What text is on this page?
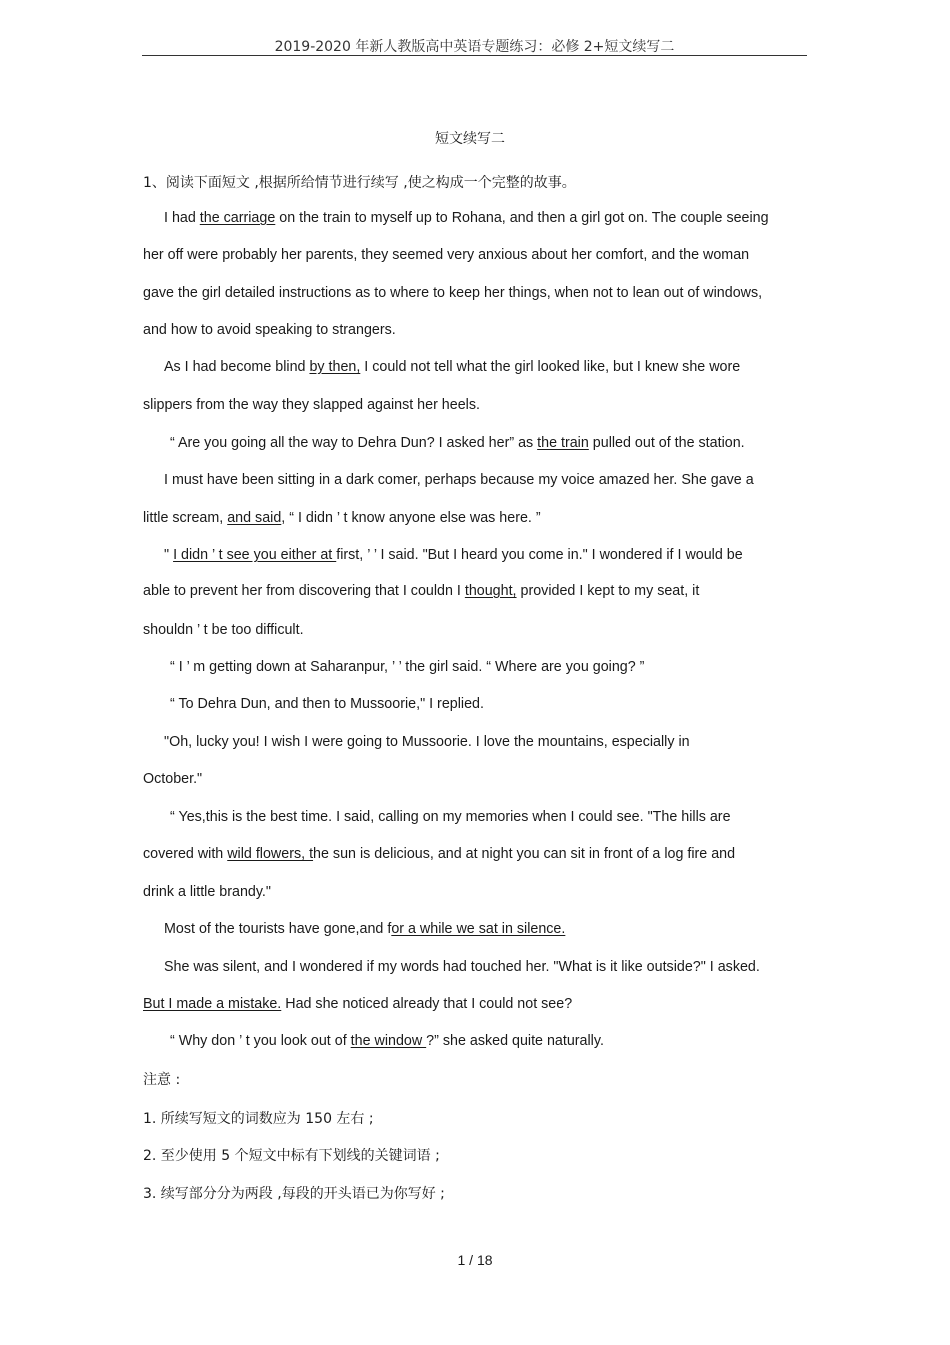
2019-2020 年新人教版高中英语专题练习：必修 2+短文续写二
短文续写二
1、阅读下面短文 ,根据所给情节进行续写 ,使之构成一个完整的故事。
I had the carriage on the train to myself up to Rohana, and then a girl got on. The couple seeing
her off were probably her parents, they seemed very anxious about her comfort, and the woman
gave the girl detailed instructions as to where to keep her things, when not to lean out of windows,
and how to avoid speaking to strangers.
As I had become blind by then, I could not tell what the girl looked like, but I knew she wore
slippers from the way they slapped against her heels.
“ Are you going all the way to Dehra Dun? I asked her” as the train pulled out of the station.
I must have been sitting in a dark comer, perhaps because my voice amazed her. She gave a
little scream, and said, “ I didn ’ t know anyone else was here. ”
" I didn ’ t see you either at first, ’ ’ I said. "But I heard you come in." I wondered if I would be
able to prevent her from discovering that I couldn I thought, provided I kept to my seat, it
shouldn ’ t be too difficult.
“ I ’ m getting down at Saharanpur, ’ ’ the girl said. “ Where are you going? ”
“ To Dehra Dun, and then to Mussoorie," I replied.
"Oh, lucky you! I wish I were going to Mussoorie. I love the mountains, especially in
October."
“ Yes,this is the best time. I said, calling on my memories when I could see. "The hills are
covered with wild flowers, the sun is delicious, and at night you can sit in front of a log fire and
drink a little brandy."
Most of the tourists have gone,and for a while we sat in silence.
She was silent, and I wondered if my words had touched her. "What is it like outside?" I asked.
But I made a mistake. Had she noticed already that I could not see?
“ Why don ’ t you look out of the window ?” she asked quite naturally.
注意 :
1. 所续写短文的词数应为 150 左右 ;
2. 至少使用 5 个短文中标有下划线的关键词语 ;
3. 续写部分分为两段 ,每段的开头语已为你写好 ;
1 / 18
